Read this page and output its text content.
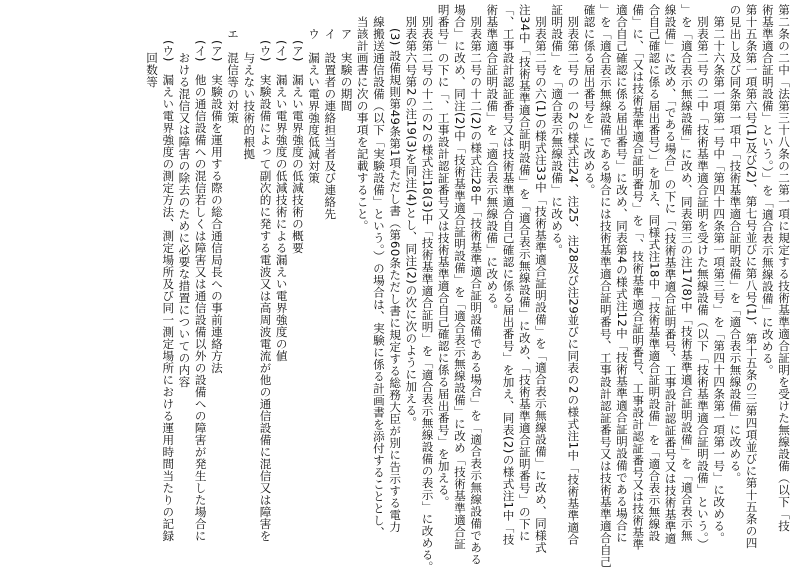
第二条の二中「法第三十八条の二第一項に規定する技術基準適合証明を受けた無線設備（以下「技

術基準適合証明設備」という。）」を「適合表示無線設備」に改める。

第十五条第一項第六号(1)及び(2)、第七号並びに第八号(1)、第十五条の三第四項並びに第十五条の四

の見出し及び同条第一項中「技術基準適合証明設備」を「適合表示無線設備」に改める。

第二十六条第一項第一号中「第四十四条第一項第三号」を「第四十四条第一項第一号」に改める。

別表第二号の二中「技術基準適合証明を受けた無線設備（以下「技術基準適合証明設備」という。）

」を「適合表示無線設備」に改め、同表第三の注17(8)中「技術基準適合証明設備」を「適合表示無

線設備」に改め、「である場合」の下に「（技術基準適合証明番号、工事設計認証番号又は技術基準適

合自己確認に係る届出番号）」を加え、同様式注18中「技術基準適合証明設備」を「適合表示無線設

備」に、「又は技術基準適合証明番号」を「、技術基準適合証明番号、工事設計認証番号又は技術基準

適合自己確認に係る届出番号」に改め、同表第4の様式注12中「技術基準適合証明設備である場合に

」を「適合表示無線設備である場合には技術基準適合証明番号、工事設計認証番号又は技術基準適合自己

確認に係る届出番号を」に改める。

別表第二号の一の2の様式注24、注25、注28及び注29並びに同表の2の様式注1中「技術基準適合

証明設備」を「適合表示無線設備」に改める。

別表第二号の六(1)の様式注33中「技術基準適合証明設備」を「適合表示無線設備」に改め、同様式

注34中「技術基準適合証明設備」を「適合表示無線設備」に改め、「技術基準適合証明番号」の下に

「、工事設計認証番号又は技術基準適合自己確認に係る届出番号」を加え、同表(2)の様式注1中「技

術基準適合証明設備」を「適合表示無線設備」に改める。

別表第二号の十二(2)の様式注28中「技術基準適合証明設備である場合」を「適合表示無線設備である

場合」に改め、同注(2)中「技術基準適合証明設備」を「適合表示無線設備」に改め「技術基準適合証

明番号」の下に「、工事設計認証番号又は技術基準適合自己確認に係る届出番号」を加える。

別表第二号の十二の2の様式注18(3)中「技術基準適合証明」を「適合表示無線設備の表示」に改める。

別表第六号第2の注19(3)を同注(4)とし、同注(2)の次に次のように加える。

(3) 設備規則第49条第1項ただし書（第60条ただし書に規定する総務大臣が別に告示する電力

線搬送通信設備（以下「実験設備」という。）の場合は、実験に係る計画書を添付することとし、

当該計画書に次の事項を記載すること。

ア　実験の期間

イ　設置者の連絡担当者及び連絡先

ウ　漏えい電界強度低減対策

(ア)　漏えい電界強度の低減技術の概要

(イ)　漏えい電界強度の低減技術による漏えい電界強度の値

(ウ)　実験設備によって副次的に発する電波又は高周波電流が他の通信設備に混信又は障害を

与えない技術的根拠

エ　混信等の対策

(ア)　実験設備を運用する際の総合通信局長への事前連絡方法

(イ)　他の通信設備への混信若しくは障害又は通信設備以外の設備への障害が発生した場合に

おける混信又は障害の除去のために必要な措置についての内容

(ウ)　漏えい電界強度の測定方法、測定場所及び同一測定場所における運用時間当たりの記録

回数等
